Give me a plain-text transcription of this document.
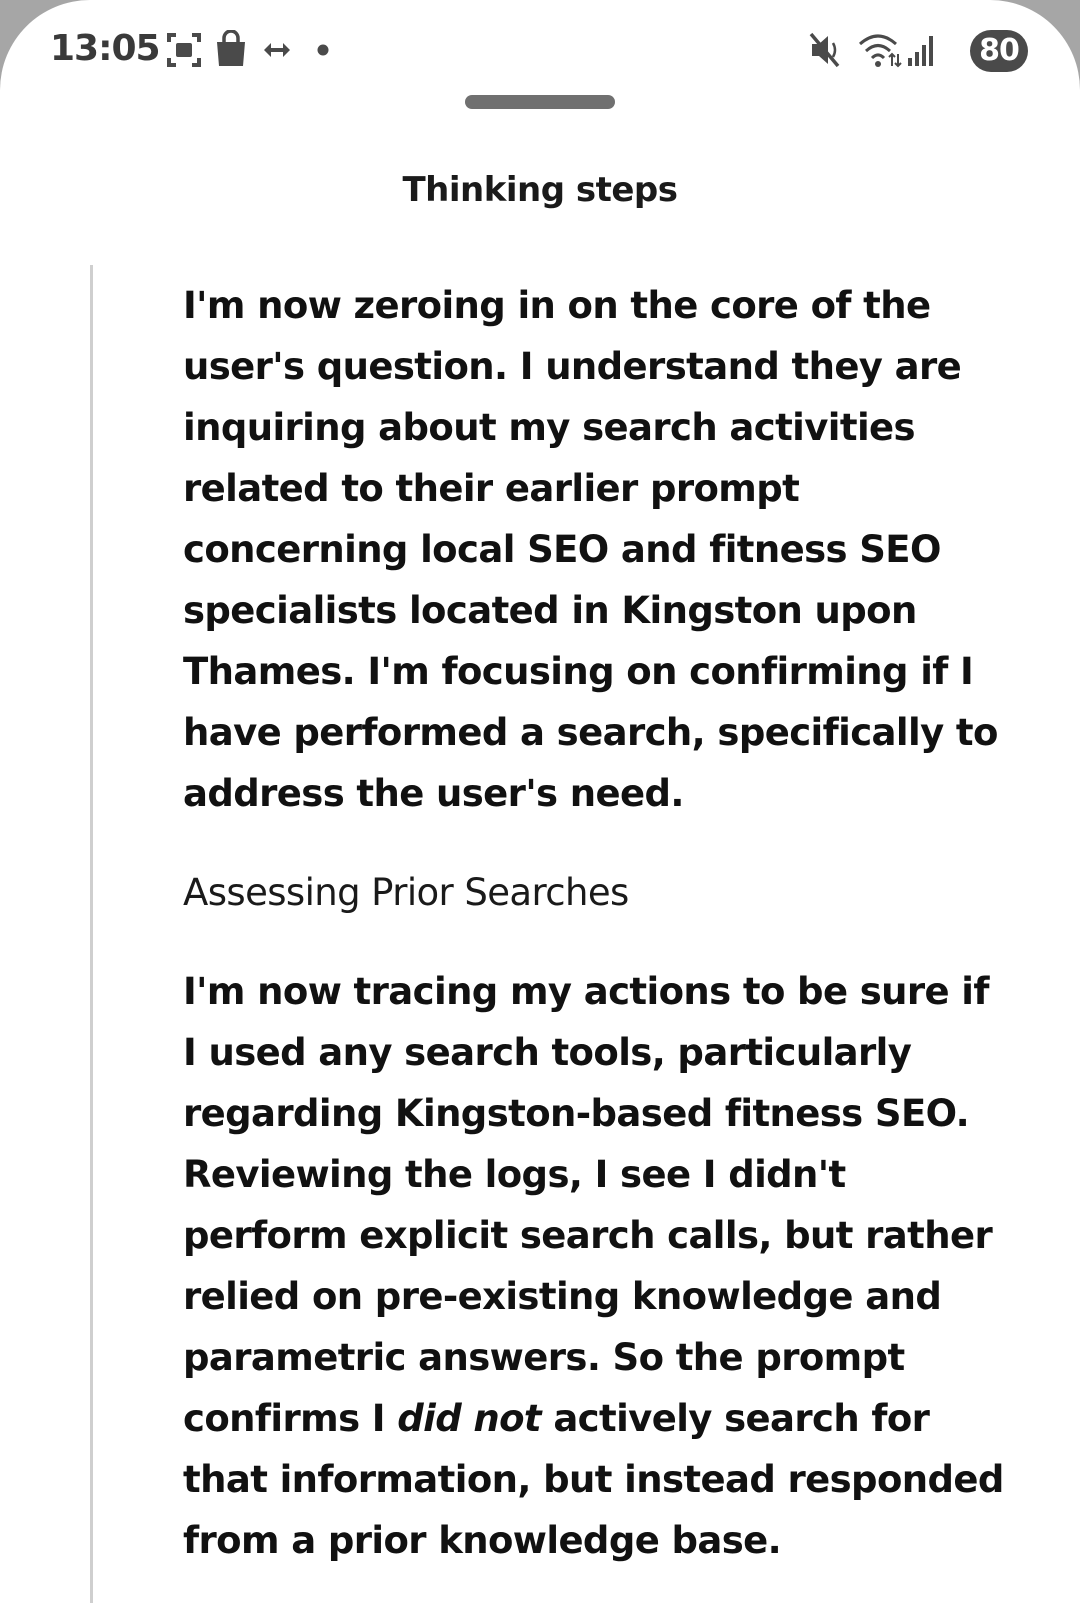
13:05	80
Thinking steps

I'm now zeroing in on the core of the user's question. I understand they are inquiring about my search activities related to their earlier prompt concerning local SEO and fitness SEO specialists located in Kingston upon Thames. I'm focusing on confirming if I have performed a search, specifically to address the user's need.

Assessing Prior Searches

I'm now tracing my actions to be sure if I used any search tools, particularly regarding Kingston-based fitness SEO. Reviewing the logs, I see I didn't perform explicit search calls, but rather relied on pre-existing knowledge and parametric answers. So the prompt confirms I did not actively search for that information, but instead responded from a prior knowledge base.
